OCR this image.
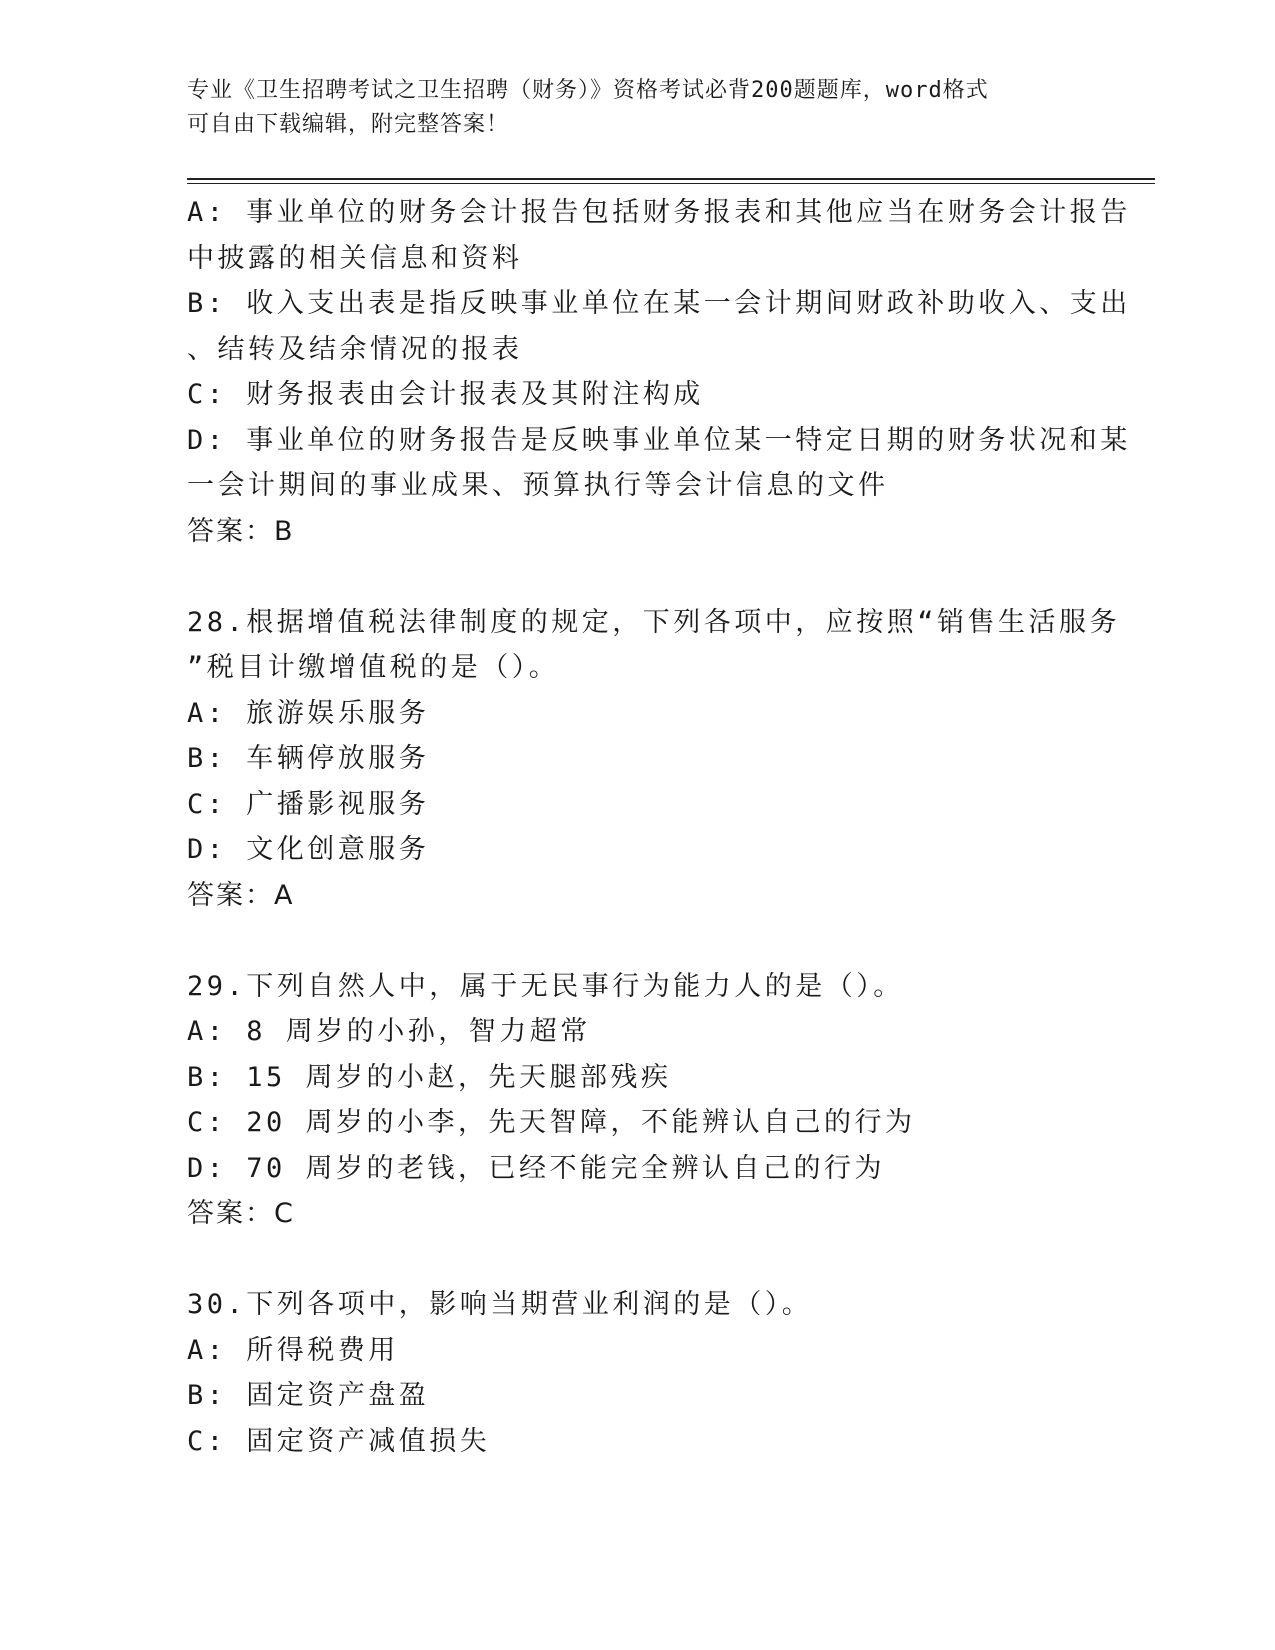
专业《卫生招聘考试之卫生招聘（财务）》资格考试必背200题题库，word格式
可自由下载编辑，附完整答案！
A: 事业单位的财务会计报告包括财务报表和其他应当在财务会计报告
中披露的相关信息和资料
B: 收入支出表是指反映事业单位在某一会计期间财政补助收入、支出
、结转及结余情况的报表
C: 财务报表由会计报表及其附注构成
D: 事业单位的财务报告是反映事业单位某一特定日期的财务状况和某
一会计期间的事业成果、预算执行等会计信息的文件
答案：B
28.根据增值税法律制度的规定，下列各项中，应按照“销售生活服务
”税目计缴增值税的是（）。
A: 旅游娱乐服务
B: 车辆停放服务
C: 广播影视服务
D: 文化创意服务
答案：A
29.下列自然人中，属于无民事行为能力人的是（）。
A: 8 周岁的小孙，智力超常
B: 15 周岁的小赵，先天腿部残疾
C: 20 周岁的小李，先天智障，不能辨认自己的行为
D: 70 周岁的老钱，已经不能完全辨认自己的行为
答案：C
30.下列各项中，影响当期营业利润的是（）。
A: 所得税费用
B: 固定资产盘盈
C: 固定资产减值损失
